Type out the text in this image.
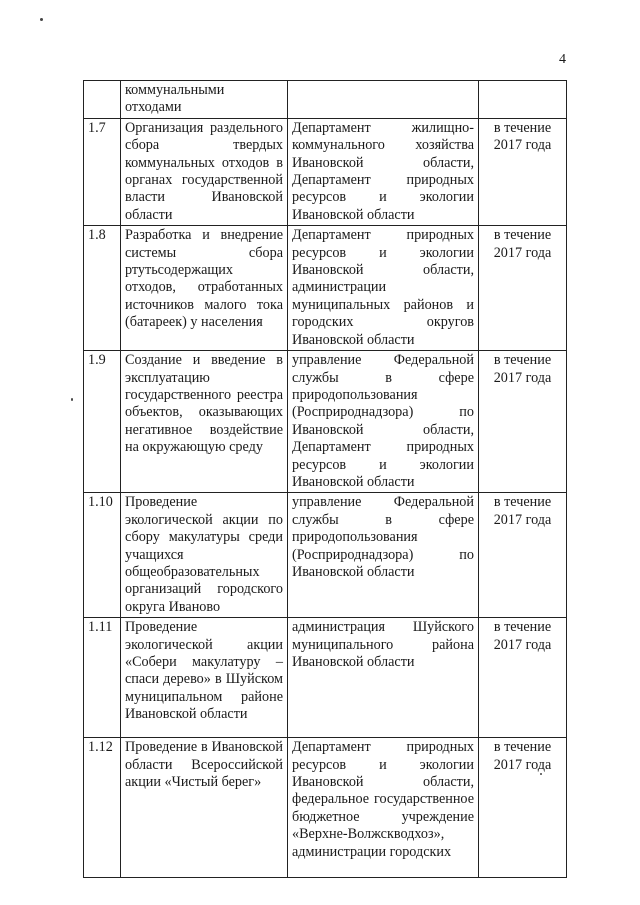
4
	коммунальными отходами		
1.7	Организация раздельного сбора твердых коммунальных отходов в органах государственной власти Ивановской области	Департамент жилищно-коммунального хозяйства Ивановской области, Департамент природных ресурсов и экологии Ивановской области	в течение 2017 года
1.8	Разработка и внедрение системы сбора ртутьсодержащих отходов, отработанных источников малого тока (батареек) у населения	Департамент природных ресурсов и экологии Ивановской области, администрации муниципальных районов и городских округов Ивановской области	в течение 2017 года
1.9	Создание и введение в эксплуатацию государственного реестра объектов, оказывающих негативное воздействие на окружающую среду	управление Федеральной службы в сфере природопользования (Росприроднадзора) по Ивановской области, Департамент природных ресурсов и экологии Ивановской области	в течение 2017 года
1.10	Проведение экологической акции по сбору макулатуры среди учащихся общеобразовательных организаций городского округа Иваново	управление Федеральной службы в сфере природопользования (Росприроднадзора) по Ивановской области	в течение 2017 года
1.11	Проведение экологической акции «Собери макулатуру – спаси дерево» в Шуйском муниципальном районе Ивановской области	администрация Шуйского муниципального района Ивановской области	в течение 2017 года
1.12	Проведение в Ивановской области Всероссийской акции «Чистый берег»	Департамент природных ресурсов и экологии Ивановской области, федеральное государственное бюджетное учреждение «Верхне-Волжскводхоз», администрации городских	в течение 2017 года
